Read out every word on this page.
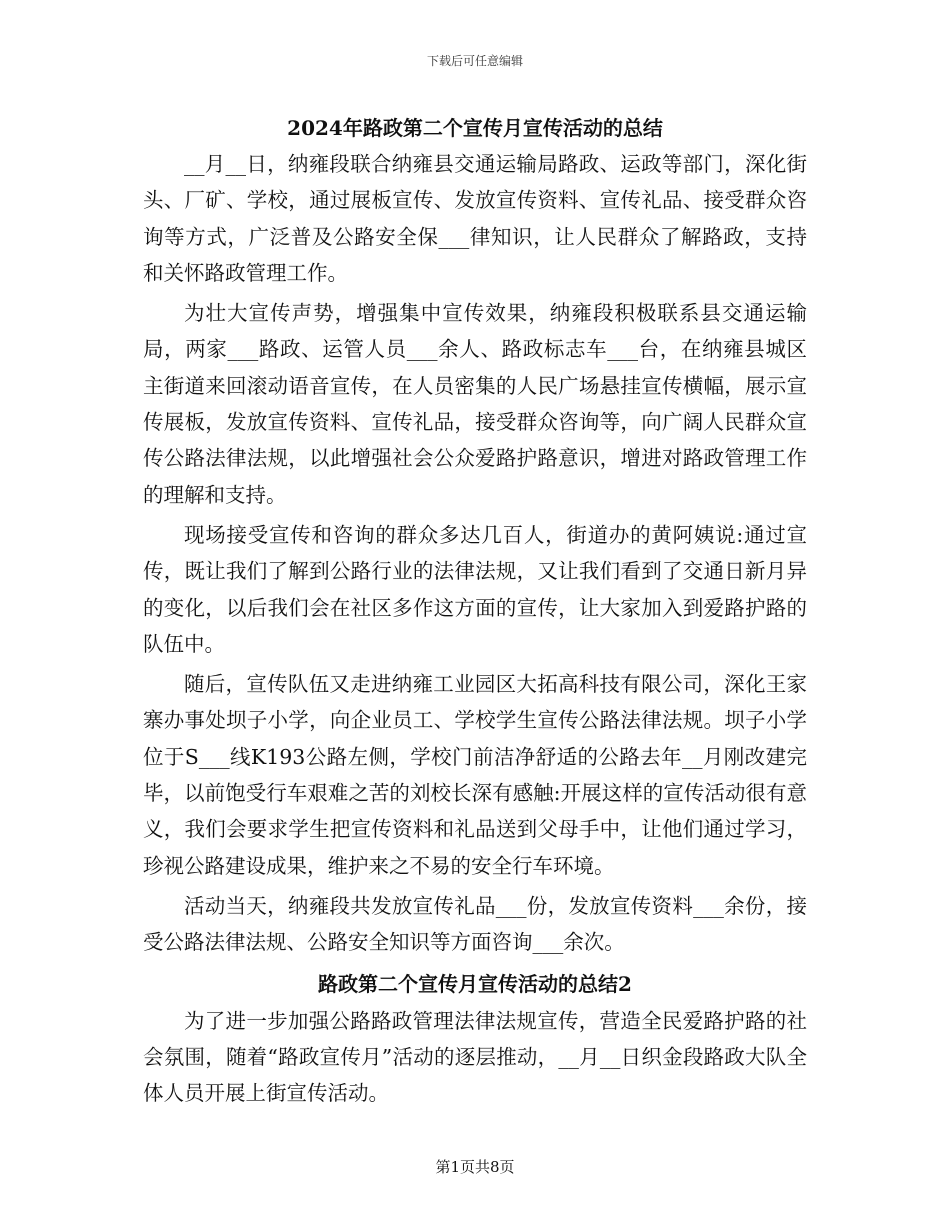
下载后可任意编辑
2024年路政第二个宣传月宣传活动的总结

__月__日，纳雍段联合纳雍县交通运输局路政、运政等部门，深化街头、厂矿、学校，通过展板宣传、发放宣传资料、宣传礼品、接受群众咨询等方式，广泛普及公路安全保___律知识，让人民群众了解路政，支持和关怀路政管理工作。

为壮大宣传声势，增强集中宣传效果，纳雍段积极联系县交通运输局，两家___路政、运管人员___余人、路政标志车___台，在纳雍县城区主街道来回滚动语音宣传，在人员密集的人民广场悬挂宣传横幅，展示宣传展板，发放宣传资料、宣传礼品，接受群众咨询等，向广阔人民群众宣传公路法律法规，以此增强社会公众爱路护路意识，增进对路政管理工作的理解和支持。

现场接受宣传和咨询的群众多达几百人，街道办的黄阿姨说:通过宣传，既让我们了解到公路行业的法律法规，又让我们看到了交通日新月异的变化，以后我们会在社区多作这方面的宣传，让大家加入到爱路护路的队伍中。

随后，宣传队伍又走进纳雍工业园区大拓高科技有限公司，深化王家寨办事处坝子小学，向企业员工、学校学生宣传公路法律法规。坝子小学位于S___线K193公路左侧，学校门前洁净舒适的公路去年__月刚改建完毕，以前饱受行车艰难之苦的刘校长深有感触:开展这样的宣传活动很有意义，我们会要求学生把宣传资料和礼品送到父母手中，让他们通过学习，珍视公路建设成果，维护来之不易的安全行车环境。

活动当天，纳雍段共发放宣传礼品___份，发放宣传资料___余份，接受公路法律法规、公路安全知识等方面咨询___余次。

路政第二个宣传月宣传活动的总结2

为了进一步加强公路路政管理法律法规宣传，营造全民爱路护路的社会氛围，随着“路政宣传月”活动的逐层推动，__月__日织金段路政大队全体人员开展上街宣传活动。

第1页共8页
